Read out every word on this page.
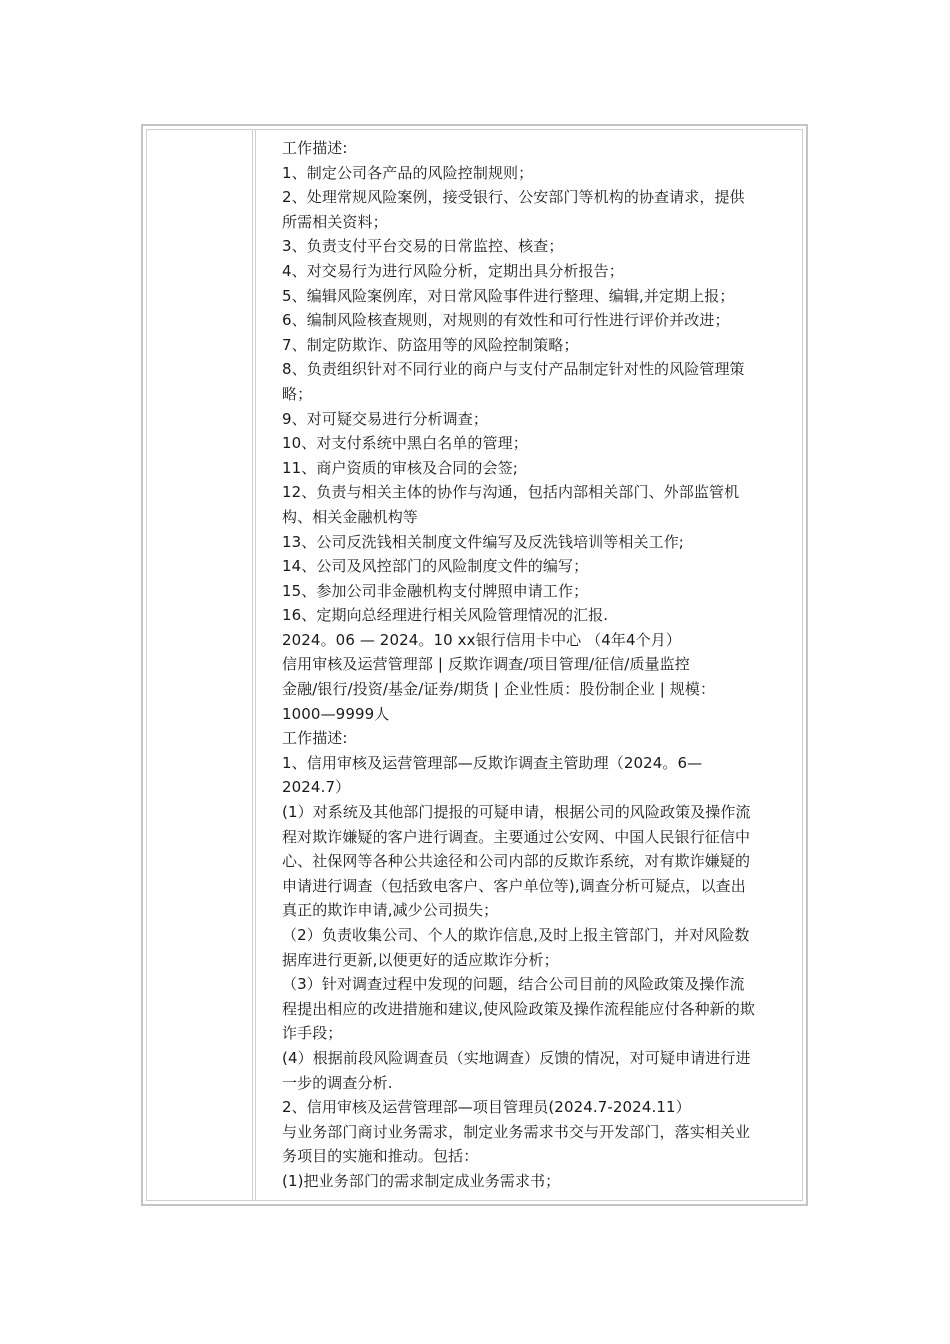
工作描述:
1、制定公司各产品的风险控制规则；
2、处理常规风险案例，接受银行、公安部门等机构的协查请求，提供
所需相关资料；
3、负责支付平台交易的日常监控、核查；
4、对交易行为进行风险分析，定期出具分析报告；
5、编辑风险案例库，对日常风险事件进行整理、编辑,并定期上报；
6、编制风险核查规则，对规则的有效性和可行性进行评价并改进；
7、制定防欺诈、防盗用等的风险控制策略；
8、负责组织针对不同行业的商户与支付产品制定针对性的风险管理策
略；
9、对可疑交易进行分析调查；
10、对支付系统中黑白名单的管理；
11、商户资质的审核及合同的会签;
12、负责与相关主体的协作与沟通，包括内部相关部门、外部监管机
构、相关金融机构等
13、公司反洗钱相关制度文件编写及反洗钱培训等相关工作;
14、公司及风控部门的风险制度文件的编写；
15、参加公司非金融机构支付牌照申请工作；
16、定期向总经理进行相关风险管理情况的汇报.
2024。06 — 2024。10 xx银行信用卡中心 （4年4个月）
信用审核及运营管理部 | 反欺诈调查/项目管理/征信/质量监控
金融/银行/投资/基金/证券/期货 | 企业性质：股份制企业 | 规模：
1000—9999人
工作描述:
1、信用审核及运营管理部—反欺诈调查主管助理（2024。6—
2024.7）
(1）对系统及其他部门提报的可疑申请，根据公司的风险政策及操作流
程对欺诈嫌疑的客户进行调查。主要通过公安网、中国人民银行征信中
心、社保网等各种公共途径和公司内部的反欺诈系统，对有欺诈嫌疑的
申请进行调查（包括致电客户、客户单位等),调查分析可疑点，以查出
真正的欺诈申请,减少公司损失；
（2）负责收集公司、个人的欺诈信息,及时上报主管部门，并对风险数
据库进行更新,以便更好的适应欺诈分析；
（3）针对调查过程中发现的问题，结合公司目前的风险政策及操作流
程提出相应的改进措施和建议,使风险政策及操作流程能应付各种新的欺
诈手段；
(4）根据前段风险调查员（实地调查）反馈的情况，对可疑申请进行进
一步的调查分析.
2、信用审核及运营管理部—项目管理员(2024.7-2024.11）
与业务部门商讨业务需求，制定业务需求书交与开发部门，落实相关业
务项目的实施和推动。包括：
(1)把业务部门的需求制定成业务需求书；
